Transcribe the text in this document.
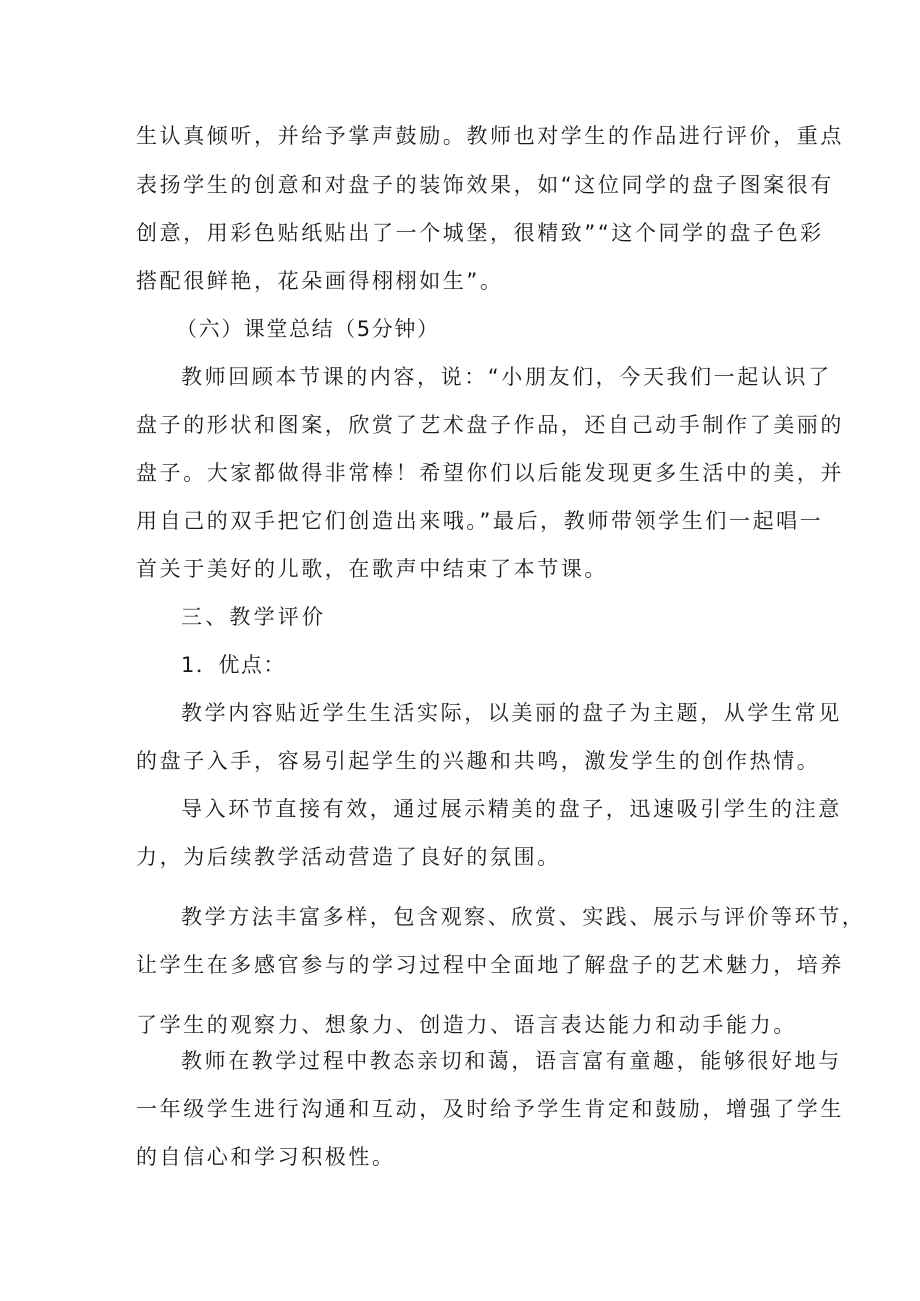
生认真倾听，并给予掌声鼓励。教师也对学生的作品进行评价，重点
表扬学生的创意和对盘子的装饰效果，如“这位同学的盘子图案很有
创意，用彩色贴纸贴出了一个城堡，很精致”“这个同学的盘子色彩
搭配很鲜艳，花朵画得栩栩如生”。
（六）课堂总结（5分钟）
教师回顾本节课的内容，说：“小朋友们，今天我们一起认识了
盘子的形状和图案，欣赏了艺术盘子作品，还自己动手制作了美丽的
盘子。大家都做得非常棒！希望你们以后能发现更多生活中的美，并
用自己的双手把它们创造出来哦。”最后，教师带领学生们一起唱一
首关于美好的儿歌，在歌声中结束了本节课。
三、教学评价
1．优点：
教学内容贴近学生生活实际，以美丽的盘子为主题，从学生常见
的盘子入手，容易引起学生的兴趣和共鸣，激发学生的创作热情。
导入环节直接有效，通过展示精美的盘子，迅速吸引学生的注意
力，为后续教学活动营造了良好的氛围。
教学方法丰富多样，包含观察、欣赏、实践、展示与评价等环节，
让学生在多感官参与的学习过程中全面地了解盘子的艺术魅力，培养
了学生的观察力、想象力、创造力、语言表达能力和动手能力。
教师在教学过程中教态亲切和蔼，语言富有童趣，能够很好地与
一年级学生进行沟通和互动，及时给予学生肯定和鼓励，增强了学生
的自信心和学习积极性。
